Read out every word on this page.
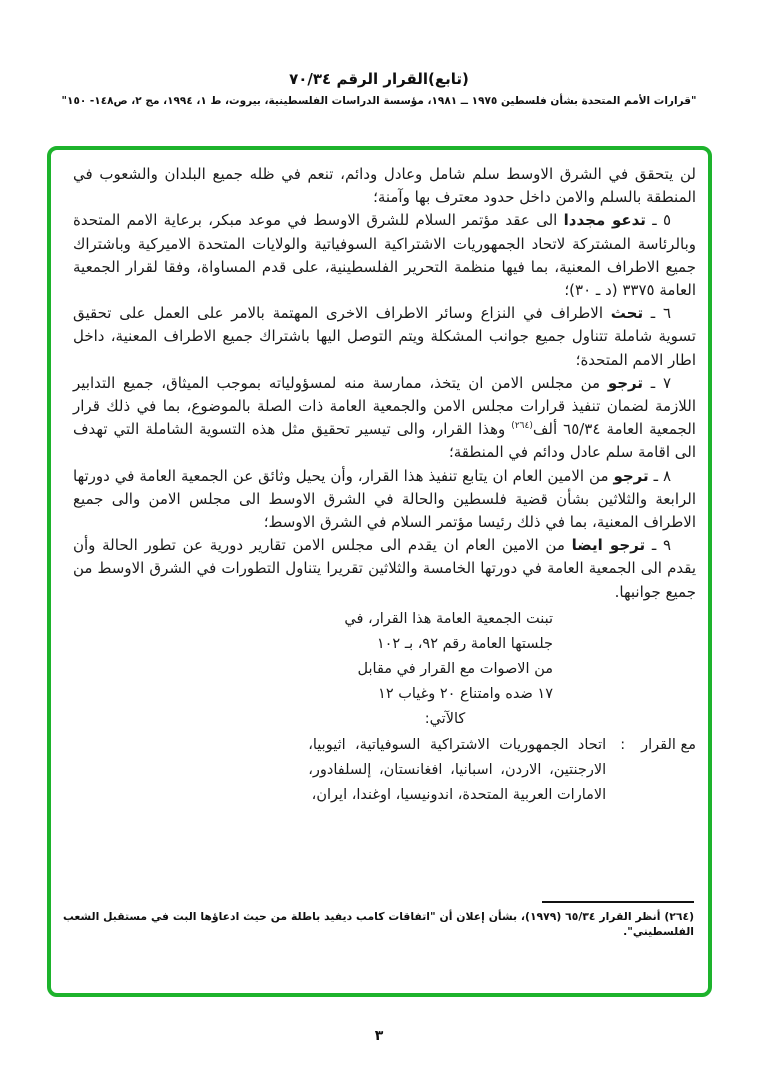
(تابع)القرار الرقم ٧٠/٣٤
"قرارات الأمم المتحدة بشأن فلسطين ١٩٧٥ ــ ١٩٨١، مؤسسة الدراسات الفلسطينية، بيروت، ط ١، ١٩٩٤، مج ٢، ص١٤٨- ١٥٠"

لن يتحقق في الشرق الاوسط سلم شامل وعادل ودائم، تنعم في ظله جميع البلدان والشعوب في المنطقة بالسلم والامن داخل حدود معترف بها وآمنة؛

٥ ـ تدعو مجددا الى عقد مؤتمر السلام للشرق الاوسط في موعد مبكر، برعاية الامم المتحدة وبالرئاسة المشتركة لاتحاد الجمهوريات الاشتراكية السوفياتية والولايات المتحدة الاميركية وباشتراك جميع الاطراف المعنية، بما فيها منظمة التحرير الفلسطينية، على قدم المساواة، وفقا لقرار الجمعية العامة ٣٣٧٥ (د ـ ٣٠)؛

٦ ـ تحث الاطراف في النزاع وسائر الاطراف الاخرى المهتمة بالامر على العمل على تحقيق تسوية شاملة تتناول جميع جوانب المشكلة ويتم التوصل اليها باشتراك جميع الاطراف المعنية، داخل اطار الامم المتحدة؛

٧ ـ ترجو من مجلس الامن ان يتخذ، ممارسة منه لمسؤولياته بموجب الميثاق، جميع التدابير اللازمة لضمان تنفيذ قرارات مجلس الامن والجمعية العامة ذات الصلة بالموضوع، بما في ذلك قرار الجمعية العامة ٦٥/٣٤ ألف$^{(٢٦٤)}$ وهذا القرار، والى تيسير تحقيق مثل هذه التسوية الشاملة التي تهدف الى اقامة سلم عادل ودائم في المنطقة؛

٨ ـ ترجو من الامين العام ان يتابع تنفيذ هذا القرار، وأن يحيل وثائق عن الجمعية العامة في دورتها الرابعة والثلاثين بشأن قضية فلسطين والحالة في الشرق الاوسط الى مجلس الامن والى جميع الاطراف المعنية، بما في ذلك رئيسا مؤتمر السلام في الشرق الاوسط؛

٩ ـ ترجو ايضا من الامين العام ان يقدم الى مجلس الامن تقارير دورية عن تطور الحالة وأن يقدم الى الجمعية العامة في دورتها الخامسة والثلاثين تقريرا يتناول التطورات في الشرق الاوسط من جميع جوانبها.

تبنت الجمعية العامة هذا القرار، في
جلستها العامة رقم ٩٢، بـ ١٠٢
من الاصوات مع القرار في مقابل
١٧ ضده وامتناع ٢٠ وغياب ١٢
كالآتي:
مع القرار
:
اتحاد الجمهوريات الاشتراكية السوفياتية، اثيوبيا، الارجنتين، الاردن، اسبانيا، افغانستان، إلسلفادور، الامارات العربية المتحدة، اندونيسيا، اوغندا، ايران،
(٢٦٤) أنظر القرار ٦٥/٣٤ (١٩٧٩)، بشأن إعلان أن "اتفاقات كامب ديفيد باطلة من حيث ادعاؤها البت في مستقبل الشعب الفلسطيني".
٣
